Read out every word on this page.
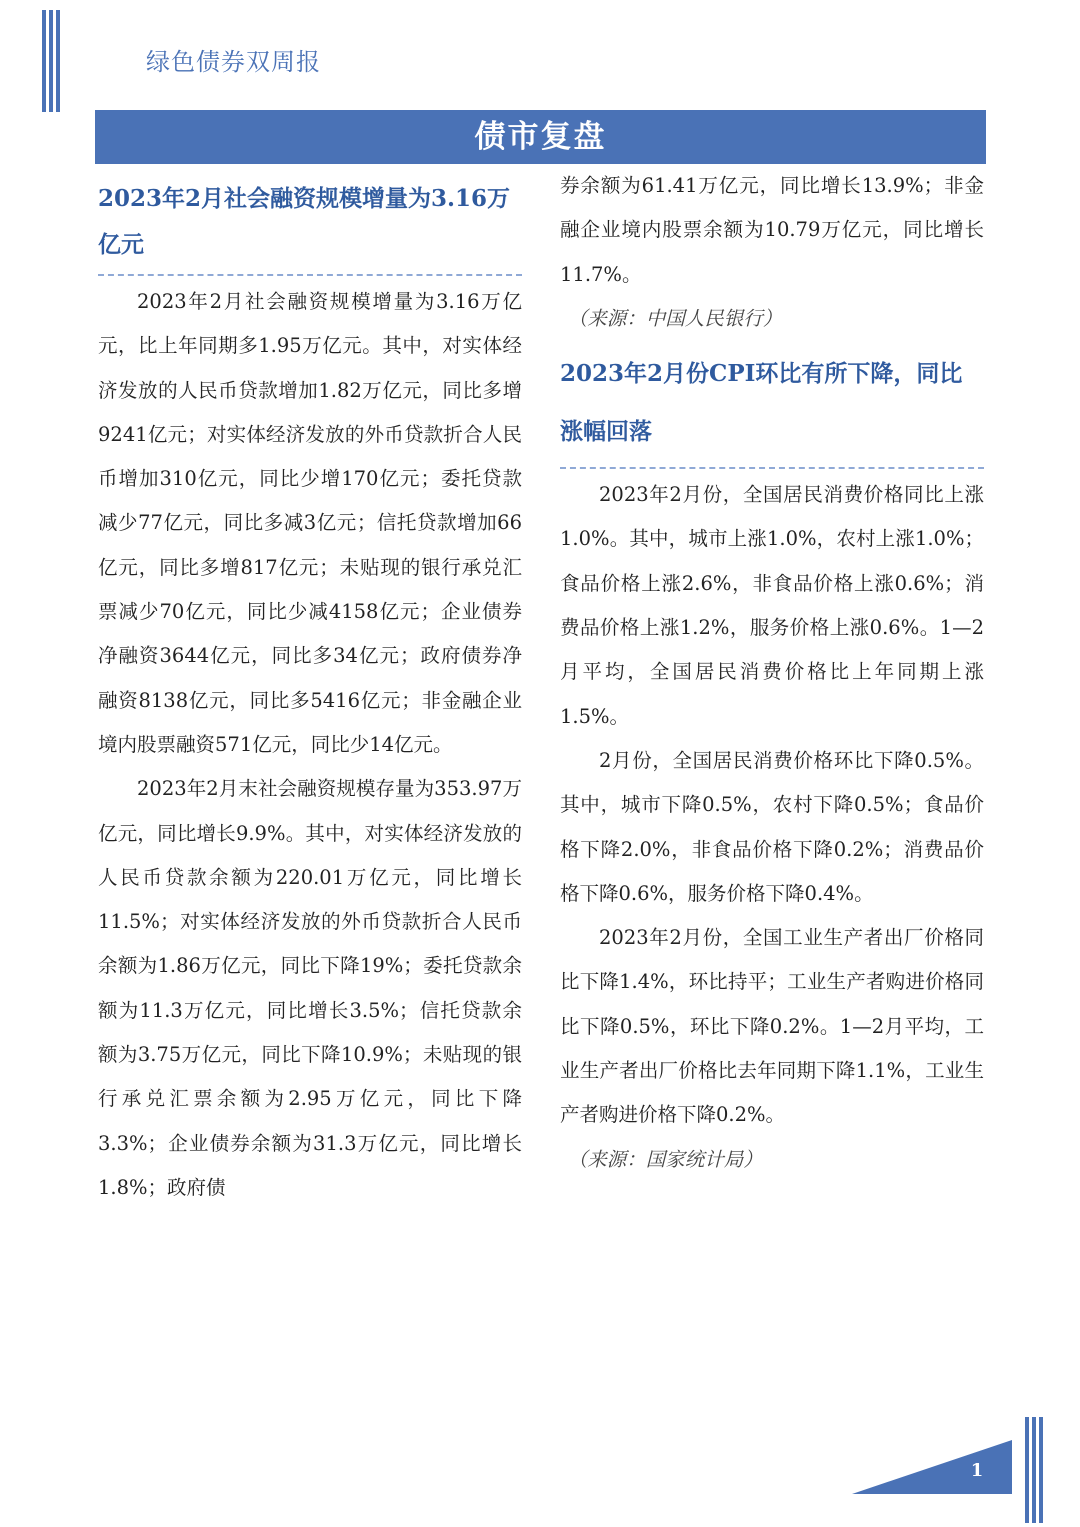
绿色债券双周报
债市复盘
2023年2月社会融资规模增量为3.16万亿元

2023年2月社会融资规模增量为3.16万亿元，比上年同期多1.95万亿元。其中，对实体经济发放的人民币贷款增加1.82万亿元，同比多增9241亿元；对实体经济发放的外币贷款折合人民币增加310亿元，同比少增170亿元；委托贷款减少77亿元，同比多减3亿元；信托贷款增加66亿元，同比多增817亿元；未贴现的银行承兑汇票减少70亿元，同比少减4158亿元；企业债券净融资3644亿元，同比多34亿元；政府债券净融资8138亿元，同比多5416亿元；非金融企业境内股票融资571亿元，同比少14亿元。

2023年2月末社会融资规模存量为353.97万亿元，同比增长9.9%。其中，对实体经济发放的人民币贷款余额为220.01万亿元，同比增长11.5%；对实体经济发放的外币贷款折合人民币余额为1.86万亿元，同比下降19%；委托贷款余额为11.3万亿元，同比增长3.5%；信托贷款余额为3.75万亿元，同比下降10.9%；未贴现的银行承兑汇票余额为2.95万亿元，同比下降3.3%；企业债券余额为31.3万亿元，同比增长1.8%；政府债

券余额为61.41万亿元，同比增长13.9%；非金融企业境内股票余额为10.79万亿元，同比增长11.7%。

（来源：中国人民银行）

2023年2月份CPI环比有所下降，同比涨幅回落

2023年2月份，全国居民消费价格同比上涨1.0%。其中，城市上涨1.0%，农村上涨1.0%；食品价格上涨2.6%，非食品价格上涨0.6%；消费品价格上涨1.2%，服务价格上涨0.6%。1—2月平均，全国居民消费价格比上年同期上涨1.5%。

2月份，全国居民消费价格环比下降0.5%。其中，城市下降0.5%，农村下降0.5%；食品价格下降2.0%，非食品价格下降0.2%；消费品价格下降0.6%，服务价格下降0.4%。

2023年2月份，全国工业生产者出厂价格同比下降1.4%，环比持平；工业生产者购进价格同比下降0.5%，环比下降0.2%。1—2月平均，工业生产者出厂价格比去年同期下降1.1%，工业生产者购进价格下降0.2%。

（来源：国家统计局）

1
